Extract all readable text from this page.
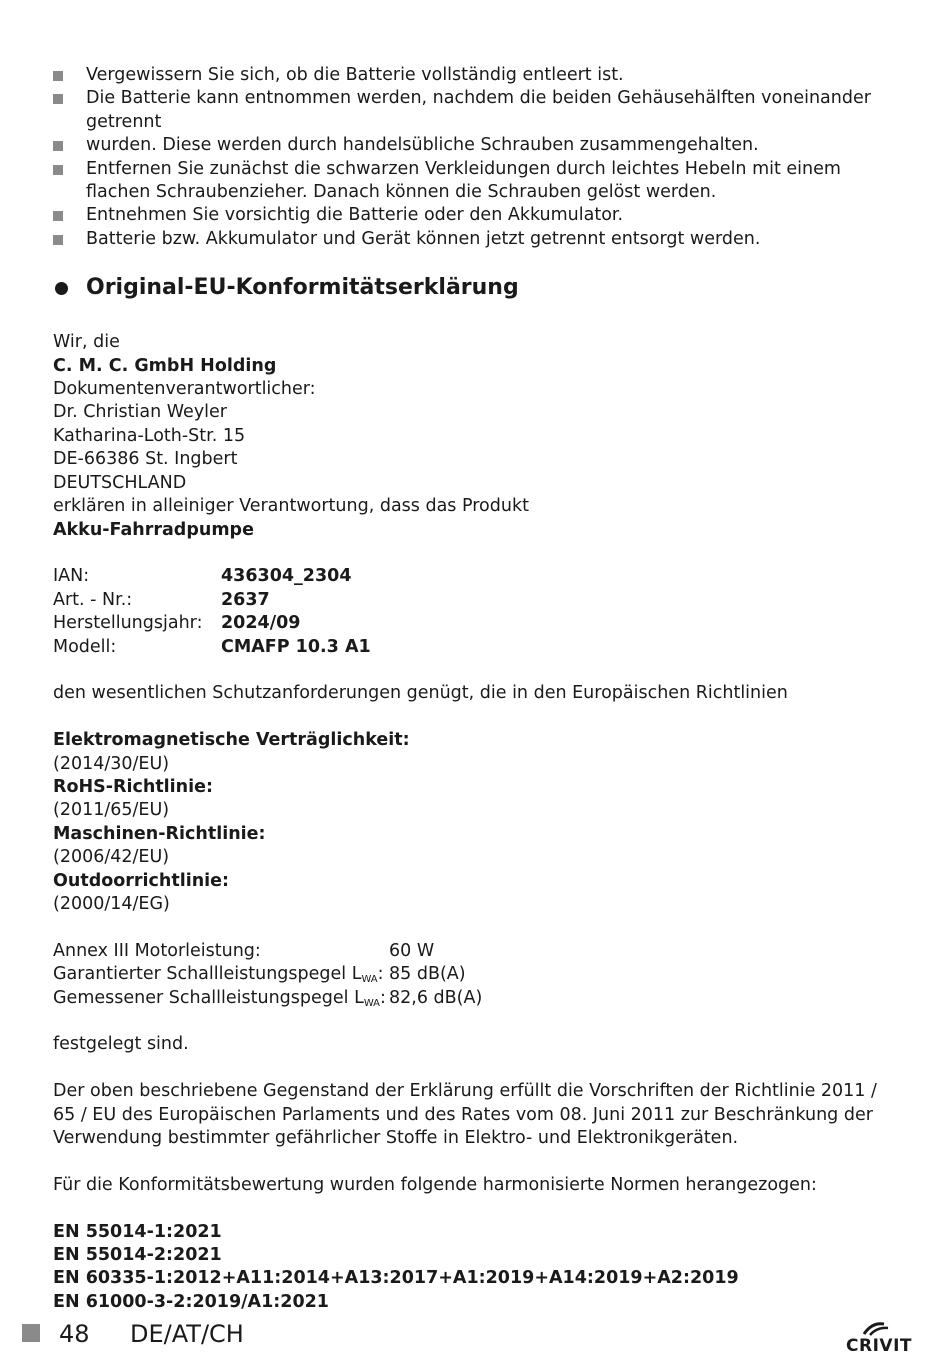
Vergewissern Sie sich, ob die Batterie vollständig entleert ist.
Die Batterie kann entnommen werden, nachdem die beiden Gehäusehälften voneinander getrennt
wurden. Diese werden durch handelsübliche Schrauben zusammengehalten.
Entfernen Sie zunächst die schwarzen Verkleidungen durch leichtes Hebeln mit einem flachen Schraubenzieher. Danach können die Schrauben gelöst werden.
Entnehmen Sie vorsichtig die Batterie oder den Akkumulator.
Batterie bzw. Akkumulator und Gerät können jetzt getrennt entsorgt werden.
Original-EU-Konformitätserklärung
Wir, die
C. M. C. GmbH Holding
Dokumentenverantwortlicher:
Dr. Christian Weyler
Katharina-Loth-Str. 15
DE-66386 St. Ingbert
DEUTSCHLAND
erklären in alleiniger Verantwortung, dass das Produkt
Akku-Fahrradpumpe
IAN:	436304_2304
Art. - Nr.:	2637
Herstellungsjahr:	2024/09
Modell:	CMAFP 10.3 A1
den wesentlichen Schutzanforderungen genügt, die in den Europäischen Richtlinien
Elektromagnetische Verträglichkeit:
(2014/30/EU)
RoHS-Richtlinie:
(2011/65/EU)
Maschinen-Richtlinie:
(2006/42/EU)
Outdoorrichtlinie:
(2000/14/EG)
Annex III Motorleistung:	60 W
Garantierter Schallleistungspegel $L_{WA}$: 85 dB(A)
Gemessener Schallleistungspegel $L_{WA}$: 82,6 dB(A)
festgelegt sind.
Der oben beschriebene Gegenstand der Erklärung erfüllt die Vorschriften der Richtlinie 2011 / 65 / EU des Europäischen Parlaments und des Rates vom 08. Juni 2011 zur Beschränkung der Verwendung bestimmter gefährlicher Stoffe in Elektro- und Elektronikgeräten.
Für die Konformitätsbewertung wurden folgende harmonisierte Normen herangezogen:
EN 55014-1:2021
EN 55014-2:2021
EN 60335-1:2012+A11:2014+A13:2017+A1:2019+A14:2019+A2:2019
EN 61000-3-2:2019/A1:2021
48 DE/AT/CH	CRIVIT
